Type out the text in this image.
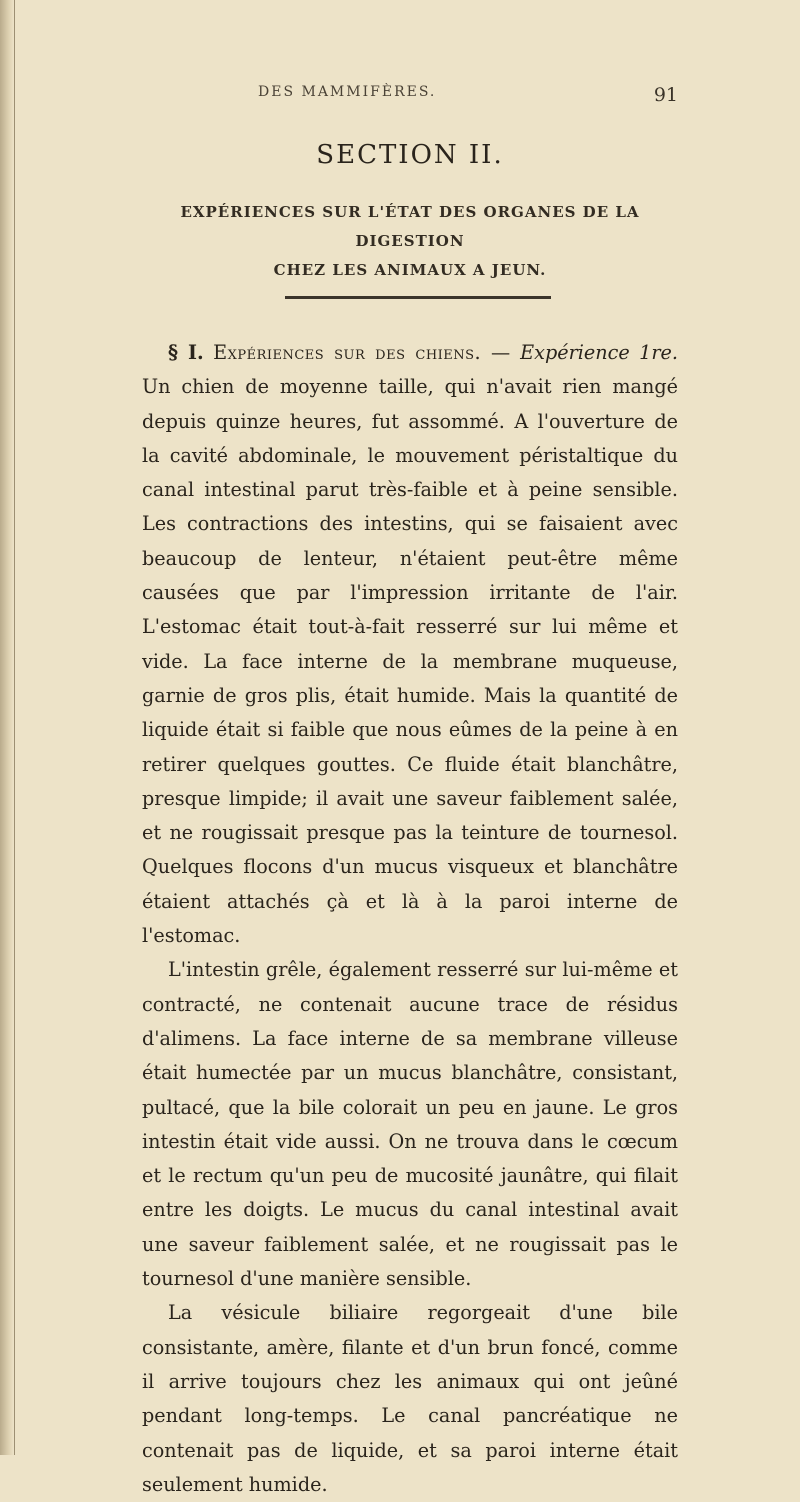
DES MAMMIFÈRES.	91
SECTION II.
EXPÉRIENCES SUR L'ÉTAT DES ORGANES DE LA DIGESTION
CHEZ LES ANIMAUX A JEUN.

§ I. Expériences sur des chiens. — Expérience 1re. Un chien de moyenne taille, qui n'avait rien mangé depuis quinze heures, fut assommé. A l'ouverture de la cavité abdominale, le mouvement péristaltique du canal intestinal parut très-faible et à peine sensible. Les contractions des intestins, qui se faisaient avec beaucoup de lenteur, n'étaient peut-être même causées que par l'impression irritante de l'air. L'estomac était tout-à-fait resserré sur lui même et vide. La face interne de la membrane muqueuse, garnie de gros plis, était humide. Mais la quantité de liquide était si faible que nous eûmes de la peine à en retirer quelques gouttes. Ce fluide était blanchâtre, presque limpide; il avait une saveur faiblement salée, et ne rougissait presque pas la teinture de tournesol. Quelques flocons d'un mucus visqueux et blanchâtre étaient attachés çà et là à la paroi interne de l'estomac.

L'intestin grêle, également resserré sur lui-même et contracté, ne contenait aucune trace de résidus d'alimens. La face interne de sa membrane villeuse était humectée par un mucus blanchâtre, consistant, pultacé, que la bile colorait un peu en jaune. Le gros intestin était vide aussi. On ne trouva dans le cœcum et le rectum qu'un peu de mucosité jaunâtre, qui filait entre les doigts. Le mucus du canal intestinal avait une saveur faiblement salée, et ne rougissait pas le tournesol d'une manière sensible.

La vésicule biliaire regorgeait d'une bile consistante, amère, filante et d'un brun foncé, comme il arrive toujours chez les animaux qui ont jeûné pendant long-temps. Le canal pancréatique ne contenait pas de liquide, et sa paroi interne était seulement humide.
